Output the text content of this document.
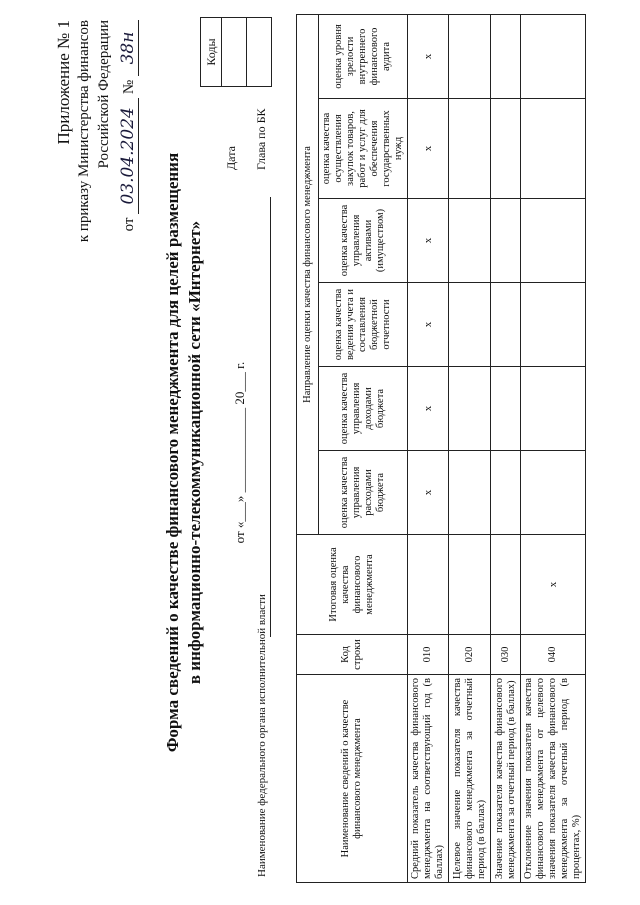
Приложение № 1 к приказу Министерства финансов Российской Федерации
от 03.04.2024 № 38н
Форма сведений о качестве финансового менеджмента для целей размещения в информационно-телекоммуникационной сети «Интернет» от «___» _____________ 20___ г.
Дата Глава по БК
Коды
Наименование федерального органа исполнительной власти	Наименование сведений о качестве финансового менеджмента	Код строки	Итоговая оценка качества финансового менеджмента	Направление оценки качества финансового менеджмента					
			оценка качества управления расходами бюджета	оценка качества управления доходами бюджета	оценка качества ведения учета и составления бюджетной отчетности	оценка качества управления активами (имуществом)	оценка качества осуществления закупок товаров, работ и услуг для обеспечения государственных нужд	оценка уровня зрелости внутреннего финансового аудита
Средний показатель качества финансового менеджмента на соответствующий год (в баллах)	010		x	x	x	x	x	x
Целевое значение показателя качества финансового менеджмента за отчетный период (в баллах)	020							
Значение показателя качества финансового менеджмента за отчетный период (в баллах)	030							
Отклонение значения показателя качества финансового менеджмента от целевого значения показателя качества финансового менеджмента за отчетный период (в процентах, %)	040	x						
